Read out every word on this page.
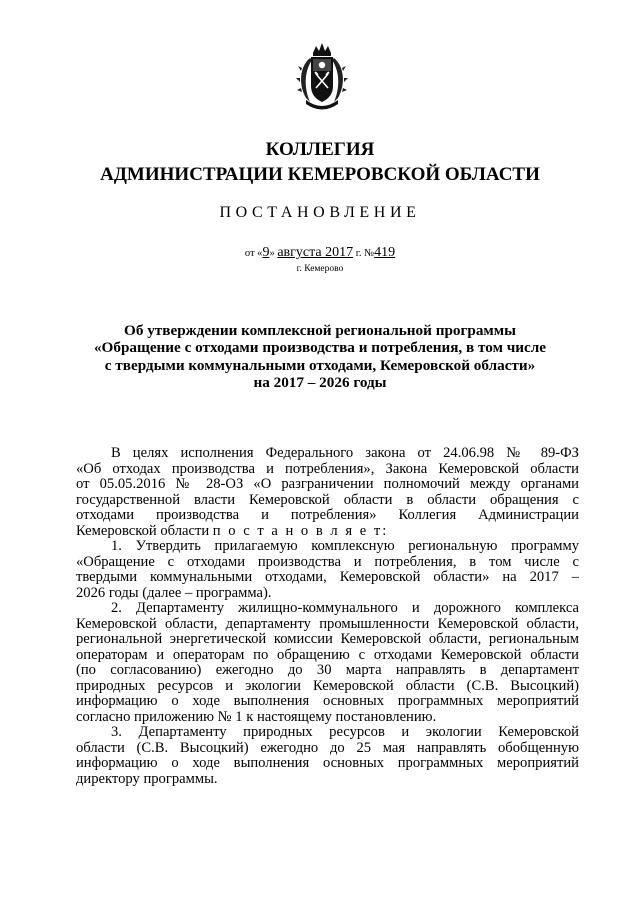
КОЛЛЕГИЯ
АДМИНИСТРАЦИИ КЕМЕРОВСКОЙ ОБЛАСТИ
ПОСТАНОВЛЕНИЕ
от «9» августа 2017 г. №419
г. Кемерово
Об утверждении комплексной региональной программы
«Обращение с отходами производства и потребления, в том числе
с твердыми коммунальными отходами, Кемеровской области»
на 2017 – 2026 годы
В целях исполнения Федерального закона от 24.06.98 № 89-ФЗ
«Об отходах производства и потребления», Закона Кемеровской области
от 05.05.2016 № 28-ОЗ «О разграничении полномочий между органами
государственной власти Кемеровской области в области обращения с
отходами производства и потребления» Коллегия Администрации
Кемеровской области п о с т а н о в л я е т:
1. Утвердить прилагаемую комплексную региональную программу
«Обращение с отходами производства и потребления, в том числе с
твердыми коммунальными отходами, Кемеровской области» на 2017 –
2026 годы (далее – программа).
2. Департаменту жилищно-коммунального и дорожного комплекса
Кемеровской области, департаменту промышленности Кемеровской области,
региональной энергетической комиссии Кемеровской области, региональным
операторам и операторам по обращению с отходами Кемеровской области
(по согласованию) ежегодно до 30 марта направлять в департамент
природных ресурсов и экологии Кемеровской области (С.В. Высоцкий)
информацию о ходе выполнения основных программных мероприятий
согласно приложению № 1 к настоящему постановлению.
3. Департаменту природных ресурсов и экологии Кемеровской
области (С.В. Высоцкий) ежегодно до 25 мая направлять обобщенную
информацию о ходе выполнения основных программных мероприятий
директору программы.
